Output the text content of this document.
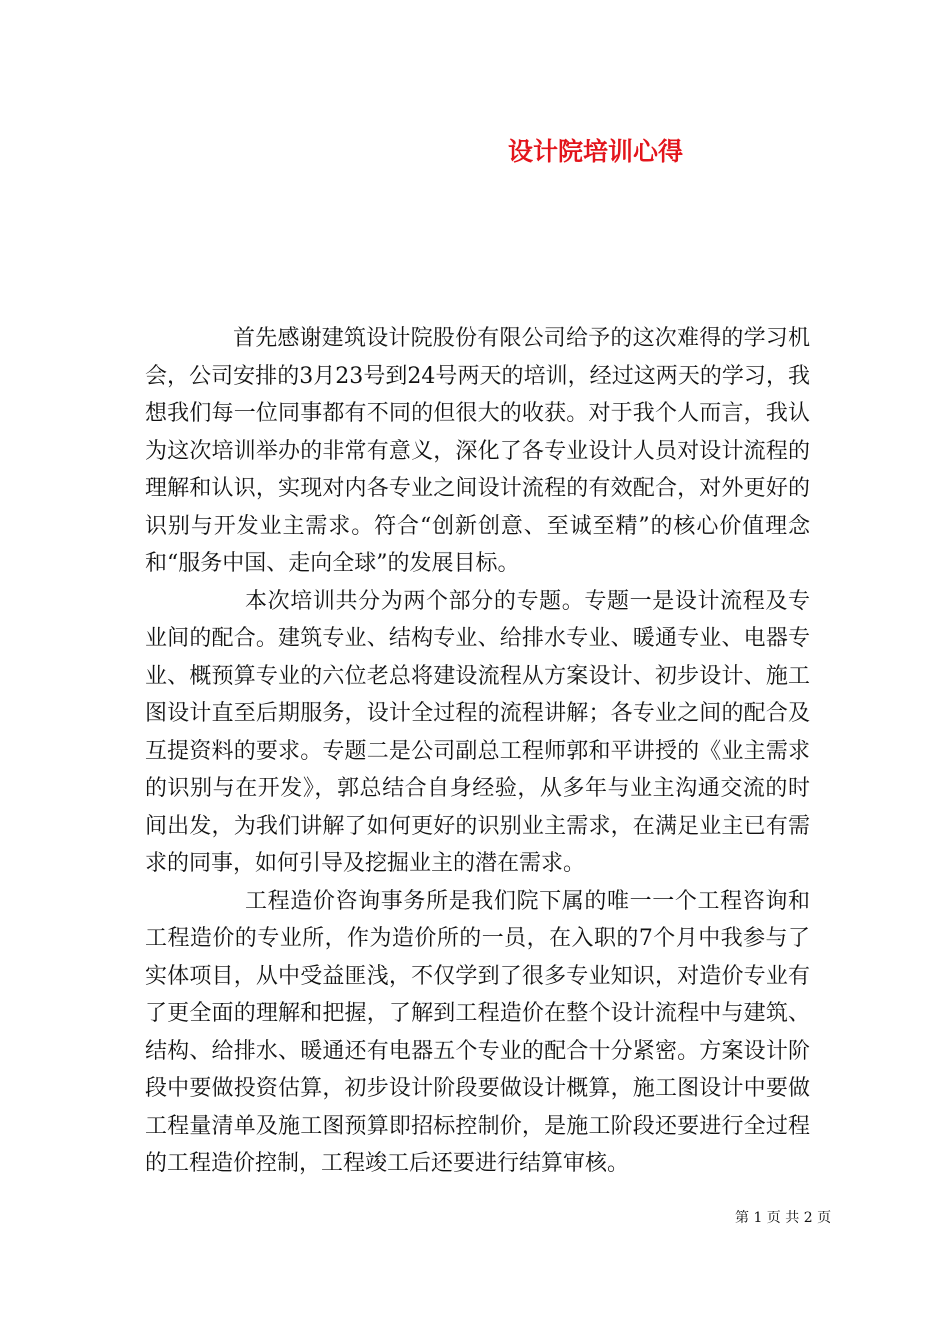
设计院培训心得

首先感谢建筑设计院股份有限公司给予的这次难得的学习机会，公司安排的3月23号到24号两天的培训，经过这两天的学习，我想我们每一位同事都有不同的但很大的收获。对于我个人而言，我认为这次培训举办的非常有意义，深化了各专业设计人员对设计流程的理解和认识，实现对内各专业之间设计流程的有效配合，对外更好的识别与开发业主需求。符合“创新创意、至诚至精”的核心价值理念和“服务中国、走向全球”的发展目标。

本次培训共分为两个部分的专题。专题一是设计流程及专业间的配合。建筑专业、结构专业、给排水专业、暖通专业、电器专业、概预算专业的六位老总将建设流程从方案设计、初步设计、施工图设计直至后期服务，设计全过程的流程讲解；各专业之间的配合及互提资料的要求。专题二是公司副总工程师郭和平讲授的《业主需求的识别与在开发》，郭总结合自身经验，从多年与业主沟通交流的时间出发，为我们讲解了如何更好的识别业主需求，在满足业主已有需求的同事，如何引导及挖掘业主的潜在需求。

工程造价咨询事务所是我们院下属的唯一一个工程咨询和工程造价的专业所，作为造价所的一员，在入职的7个月中我参与了实体项目，从中受益匪浅，不仅学到了很多专业知识，对造价专业有了更全面的理解和把握，了解到工程造价在整个设计流程中与建筑、结构、给排水、暖通还有电器五个专业的配合十分紧密。方案设计阶段中要做投资估算，初步设计阶段要做设计概算，施工图设计中要做工程量清单及施工图预算即招标控制价，是施工阶段还要进行全过程的工程造价控制，工程竣工后还要进行结算审核。

第 1 页 共 2 页
